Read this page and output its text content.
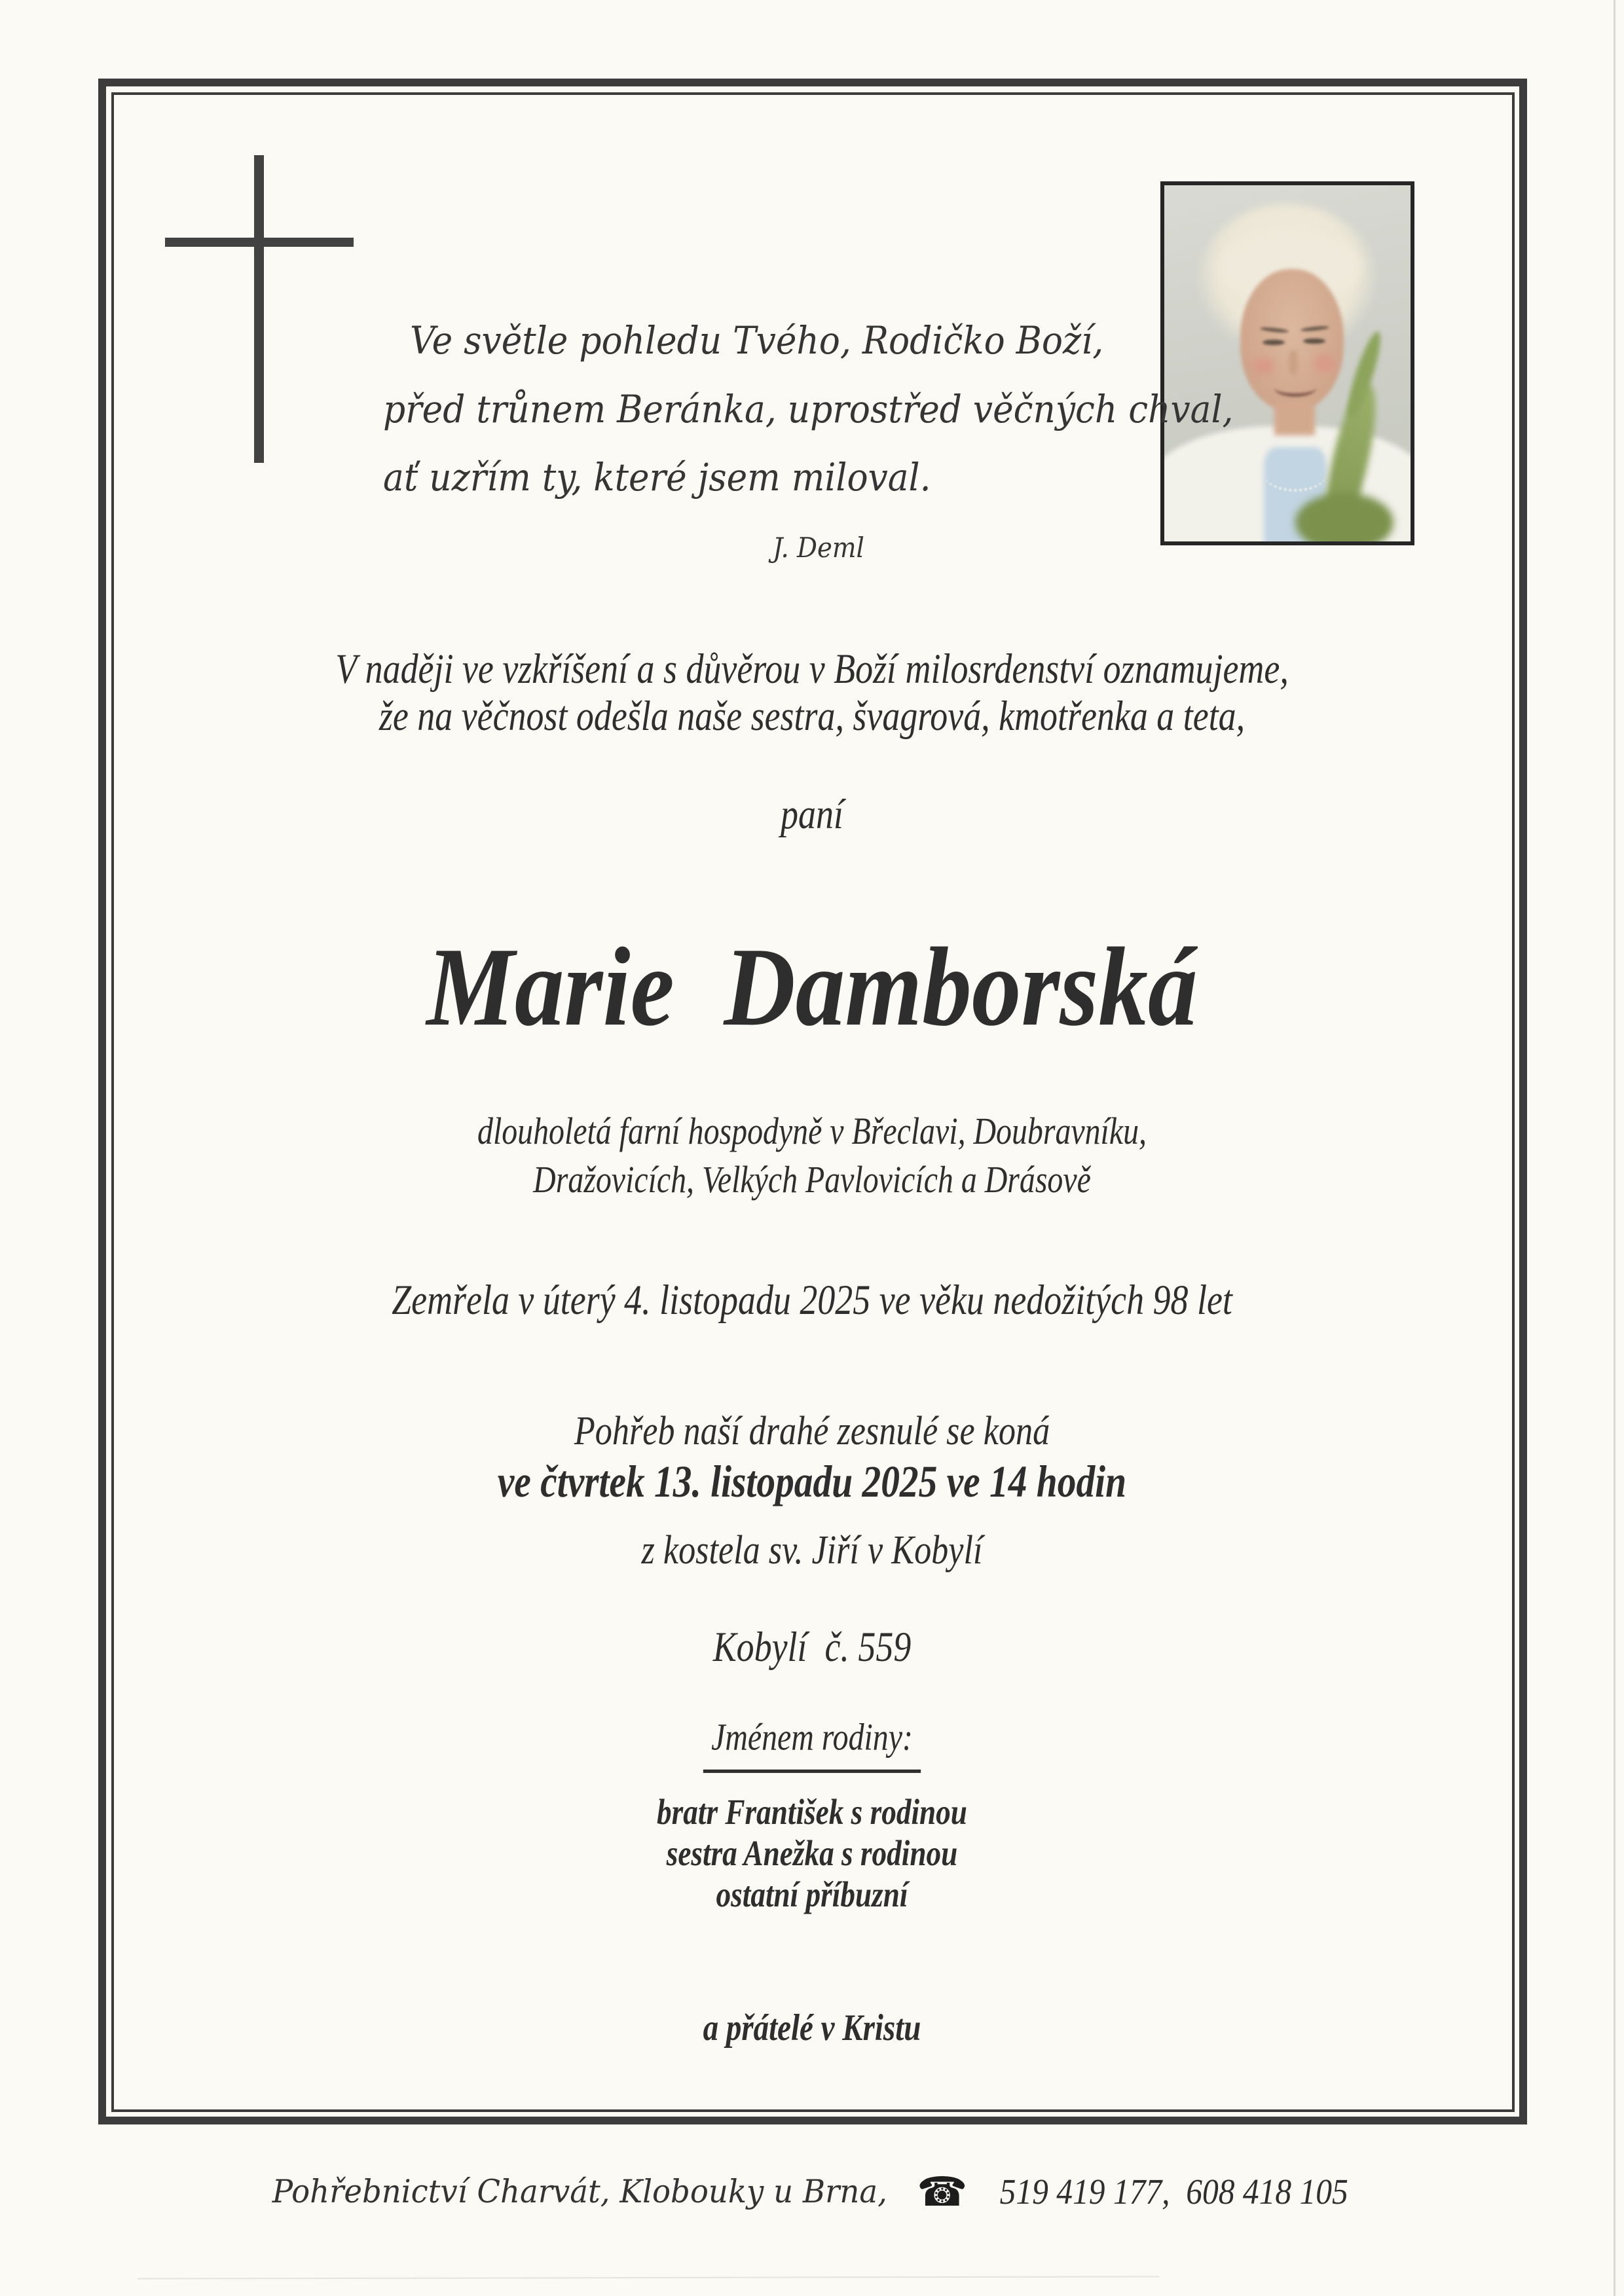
Ve světle pohledu Tvého, Rodičko Boží,
před trůnem Beránka, uprostřed věčných chval,
ať uzřím ty, které jsem miloval.
J. Deml
V naději ve vzkříšení a s důvěrou v Boží milosrdenství oznamujeme,
že na věčnost odešla naše sestra, švagrová, kmotřenka a teta,
paní
Marie  Damborská
dlouholetá farní hospodyně v Břeclavi, Doubravníku,
Dražovicích, Velkých Pavlovicích a Drásově
Zemřela v úterý 4. listopadu 2025 ve věku nedožitých 98 let
Pohřeb naší drahé zesnulé se koná
ve čtvrtek 13. listopadu 2025 ve 14 hodin
z kostela sv. Jiří v Kobylí
Kobylí  č. 559
Jménem rodiny:
bratr František s rodinou
sestra Anežka s rodinou
ostatní příbuzní
a přátelé v Kristu
Pohřebnictví Charvát, Klobouky u Brna, ☎ 519 419 177,  608 418 105
